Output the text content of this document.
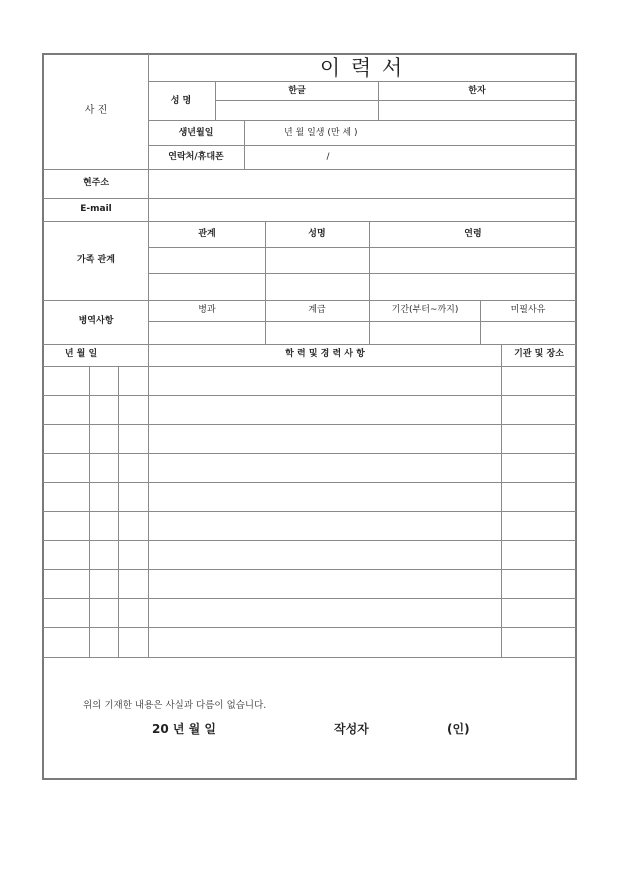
이 력 서
사 진
성 명
한글	한자
생년월일	년 월 일생 (만 세 )
연락처/휴대폰	/
현주소
E-mail
가족 관계
관계	성명	연령
병역사항
병과	계급	기간(부터~까지)	미필사유
년 월 일	학 력 및 경 력 사 항	기관 및 장소
위의 기재한 내용은 사실과 다름이 없습니다.
20 년 월 일	작성자	(인)
